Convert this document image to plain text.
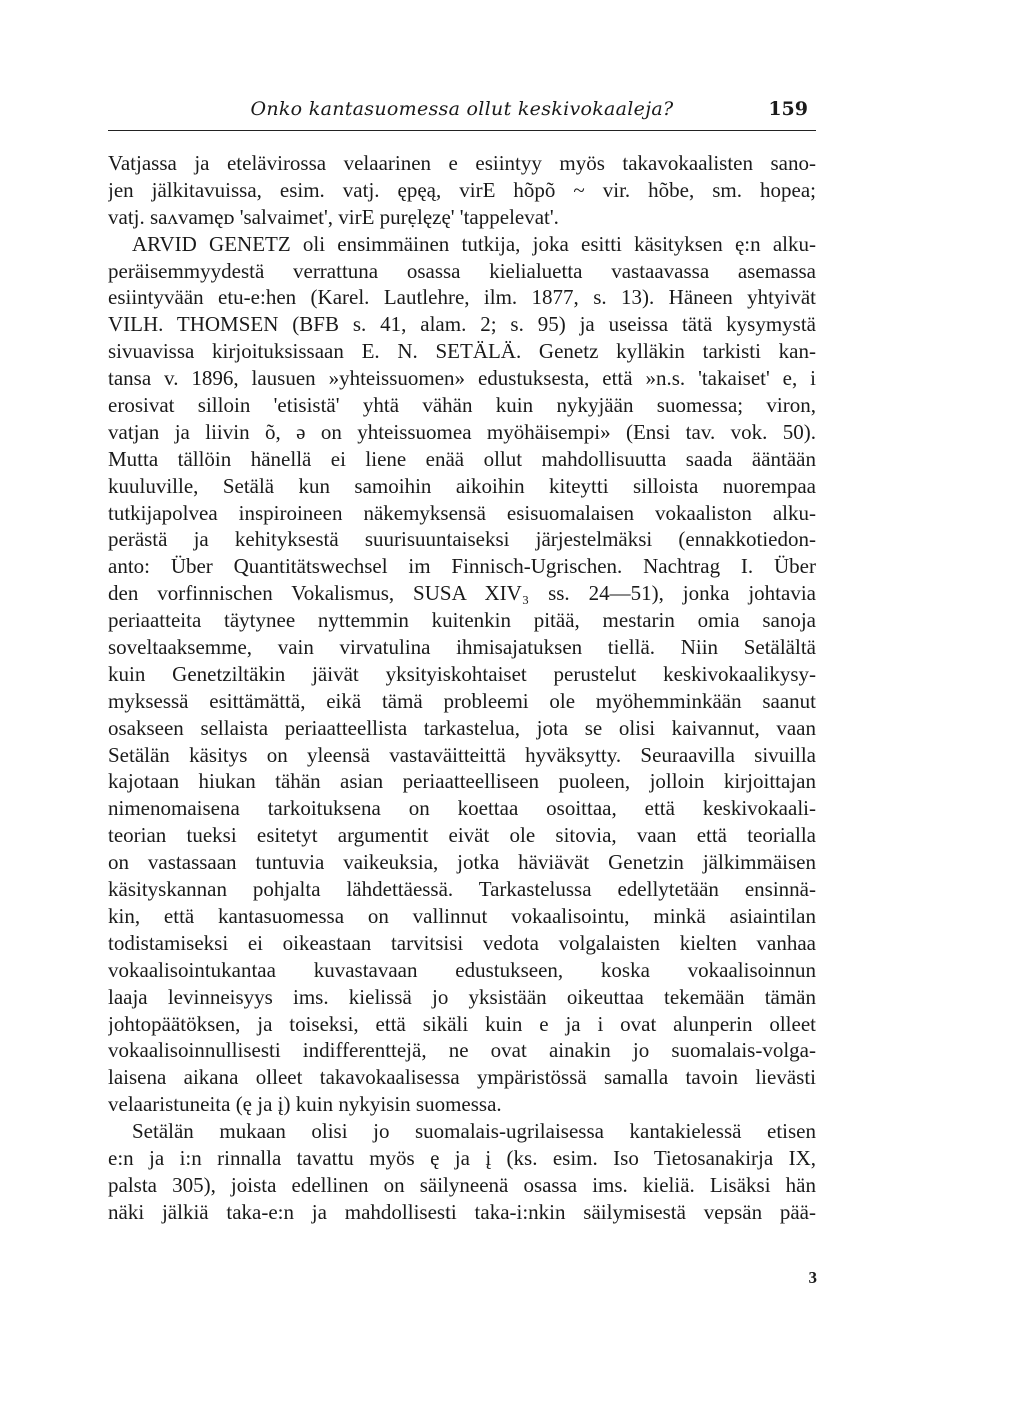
Onko kantasuomessa ollut keskivokaaleja?	159
Vatjassa ja etelävirossa velaarinen e esiintyy myös takavokaalisten sano-
jen jälkitavuissa, esim. vatj. ępęą, virE hõpõ ~ vir. hõbe, sm. hopea;
vatj. saʌvamęᴅ 'salvaimet', virE purẹlęzę' 'tappelevat'.
ARVID GENETZ oli ensimmäinen tutkija, joka esitti käsityksen ę:n alku-
peräisemmyydestä verrattuna osassa kielialuetta vastaavassa asemassa
esiintyvään etu-e:hen (Karel. Lautlehre, ilm. 1877, s. 13). Häneen yhtyivät
VILH. THOMSEN (BFB s. 41, alam. 2; s. 95) ja useissa tätä kysymystä
sivuavissa kirjoituksissaan E. N. SETÄLÄ. Genetz kylläkin tarkisti kan-
tansa v. 1896, lausuen »yhteissuomen» edustuksesta, että »n.s. 'takaiset' e, i
erosivat silloin 'etisistä' yhtä vähän kuin nykyjään suomessa; viron,
vatjan ja liivin õ, ə on yhteissuomea myöhäisempi» (Ensi tav. vok. 50).
Mutta tällöin hänellä ei liene enää ollut mahdollisuutta saada ääntään
kuuluville, Setälä kun samoihin aikoihin kiteytti silloista nuorempaa
tutkijapolvea inspiroineen näkemyksensä esisuomalaisen vokaaliston alku-
perästä ja kehityksestä suurisuuntaiseksi järjestelmäksi (ennakkotiedon-
anto: Über Quantitätswechsel im Finnisch-Ugrischen. Nachtrag I. Über
den vorfinnischen Vokalismus, SUSA XIV₃ ss. 24—51), jonka johtavia
periaatteita täytynee nyttemmin kuitenkin pitää, mestarin omia sanoja
soveltaaksemme, vain virvatulina ihmisajatuksen tiellä. Niin Setälältä
kuin Genetziltäkin jäivät yksityiskohtaiset perustelut keskivokaalikysy-
myksessä esittämättä, eikä tämä probleemi ole myöhemminkään saanut
osakseen sellaista periaatteellista tarkastelua, jota se olisi kaivannut, vaan
Setälän käsitys on yleensä vastaväitteittä hyväksytty. Seuraavilla sivuilla
kajotaan hiukan tähän asian periaatteelliseen puoleen, jolloin kirjoittajan
nimenomaisena tarkoituksena on koettaa osoittaa, että keskivokaali-
teorian tueksi esitetyt argumentit eivät ole sitovia, vaan että teorialla
on vastassaan tuntuvia vaikeuksia, jotka häviävät Genetzin jälkimmäisen
käsityskannan pohjalta lähdettäessä. Tarkastelussa edellytetään ensinnä-
kin, että kantasuomessa on vallinnut vokaalisointu, minkä asiaintilan
todistamiseksi ei oikeastaan tarvitsisi vedota volgalaisten kielten vanhaa
vokaalisointukantaa kuvastavaan edustukseen, koska vokaalisoinnun
laaja levinneisyys ims. kielissä jo yksistään oikeuttaa tekemään tämän
johtopäätöksen, ja toiseksi, että sikäli kuin e ja i ovat alunperin olleet
vokaalisoinnullisesti indifferenttejä, ne ovat ainakin jo suomalais-volga-
laisena aikana olleet takavokaalisessa ympäristössä samalla tavoin lievästi
velaaristuneita (ę ja į) kuin nykyisin suomessa.
Setälän mukaan olisi jo suomalais-ugrilaisessa kantakielessä etisen
e:n ja i:n rinnalla tavattu myös ę ja į (ks. esim. Iso Tietosanakirja IX,
palsta 305), joista edellinen on säilyneenä osassa ims. kieliä. Lisäksi hän
näki jälkiä taka-e:n ja mahdollisesti taka-i:nkin säilymisestä vepsän pää-
3
